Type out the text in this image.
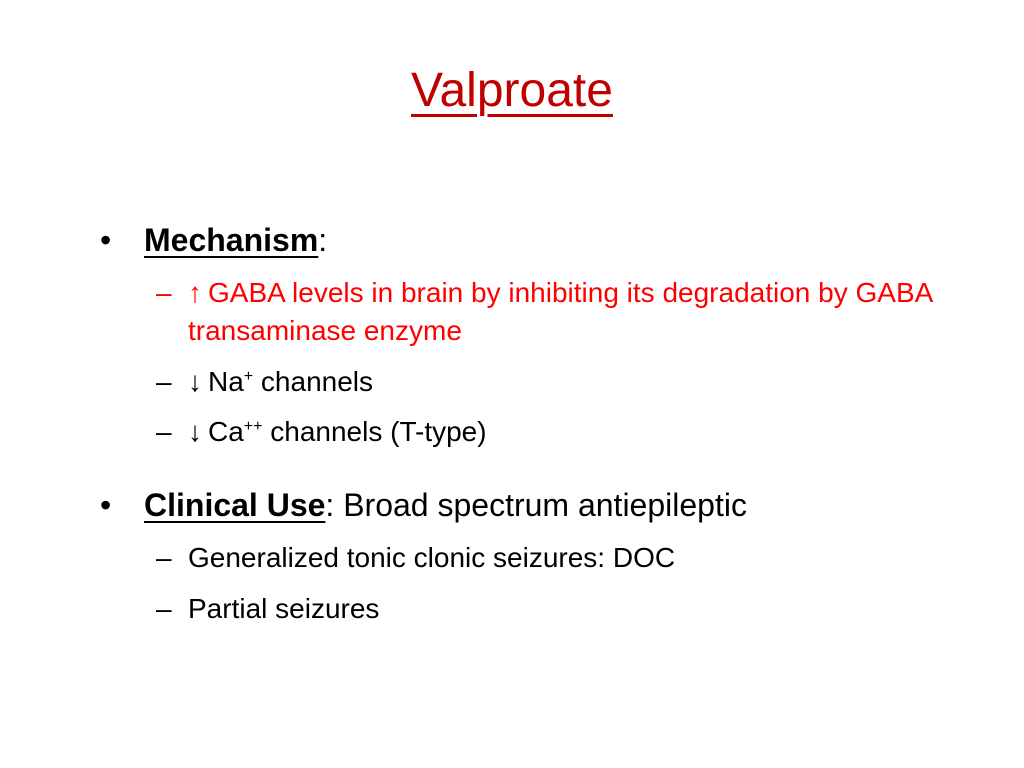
Valproate
• Mechanism:
– ↑ GABA levels in brain by inhibiting its degradation by GABA transaminase enzyme
– ↓ Na+ channels
– ↓ Ca++ channels (T-type)
• Clinical Use: Broad spectrum antiepileptic
– Generalized tonic clonic seizures: DOC
– Partial seizures
